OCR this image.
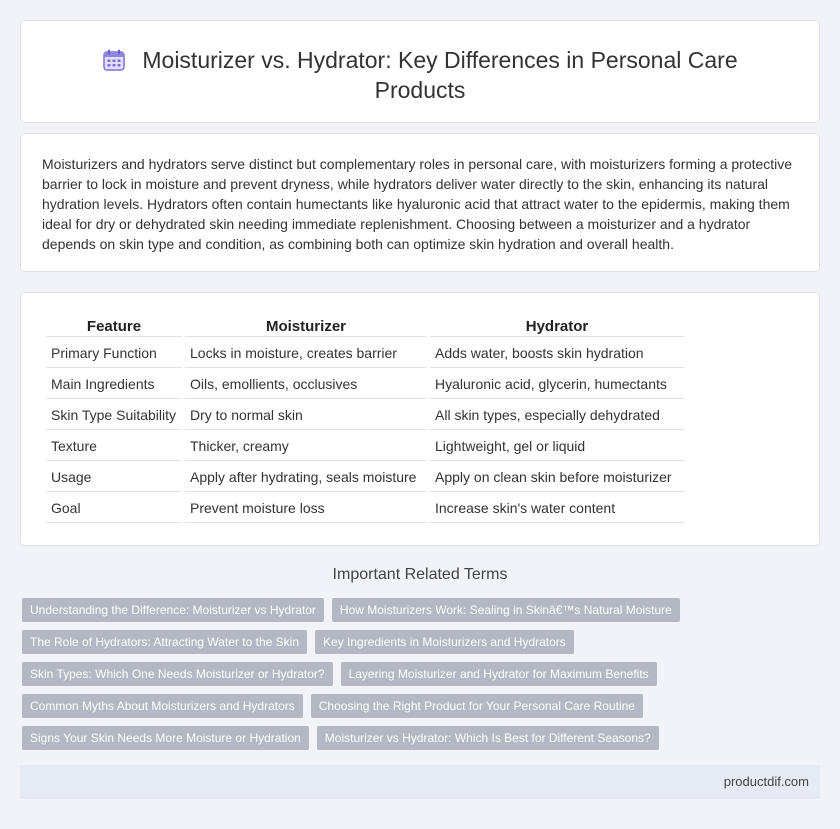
Moisturizer vs. Hydrator: Key Differences in Personal Care Products

Moisturizers and hydrators serve distinct but complementary roles in personal care, with moisturizers forming a protective barrier to lock in moisture and prevent dryness, while hydrators deliver water directly to the skin, enhancing its natural hydration levels. Hydrators often contain humectants like hyaluronic acid that attract water to the epidermis, making them ideal for dry or dehydrated skin needing immediate replenishment. Choosing between a moisturizer and a hydrator depends on skin type and condition, as combining both can optimize skin hydration and overall health.

Feature	Moisturizer	Hydrator
Primary Function	Locks in moisture, creates barrier	Adds water, boosts skin hydration
Main Ingredients	Oils, emollients, occlusives	Hyaluronic acid, glycerin, humectants
Skin Type Suitability	Dry to normal skin	All skin types, especially dehydrated
Texture	Thicker, creamy	Lightweight, gel or liquid
Usage	Apply after hydrating, seals moisture	Apply on clean skin before moisturizer
Goal	Prevent moisture loss	Increase skin's water content
Important Related Terms
Understanding the Difference: Moisturizer vs Hydrator	How Moisturizers Work: Sealing in Skinâ€™s Natural Moisture
The Role of Hydrators: Attracting Water to the Skin	Key Ingredients in Moisturizers and Hydrators
Skin Types: Which One Needs Moisturizer or Hydrator?	Layering Moisturizer and Hydrator for Maximum Benefits
Common Myths About Moisturizers and Hydrators	Choosing the Right Product for Your Personal Care Routine
Signs Your Skin Needs More Moisture or Hydration	Moisturizer vs Hydrator: Which Is Best for Different Seasons?
productdif.com
